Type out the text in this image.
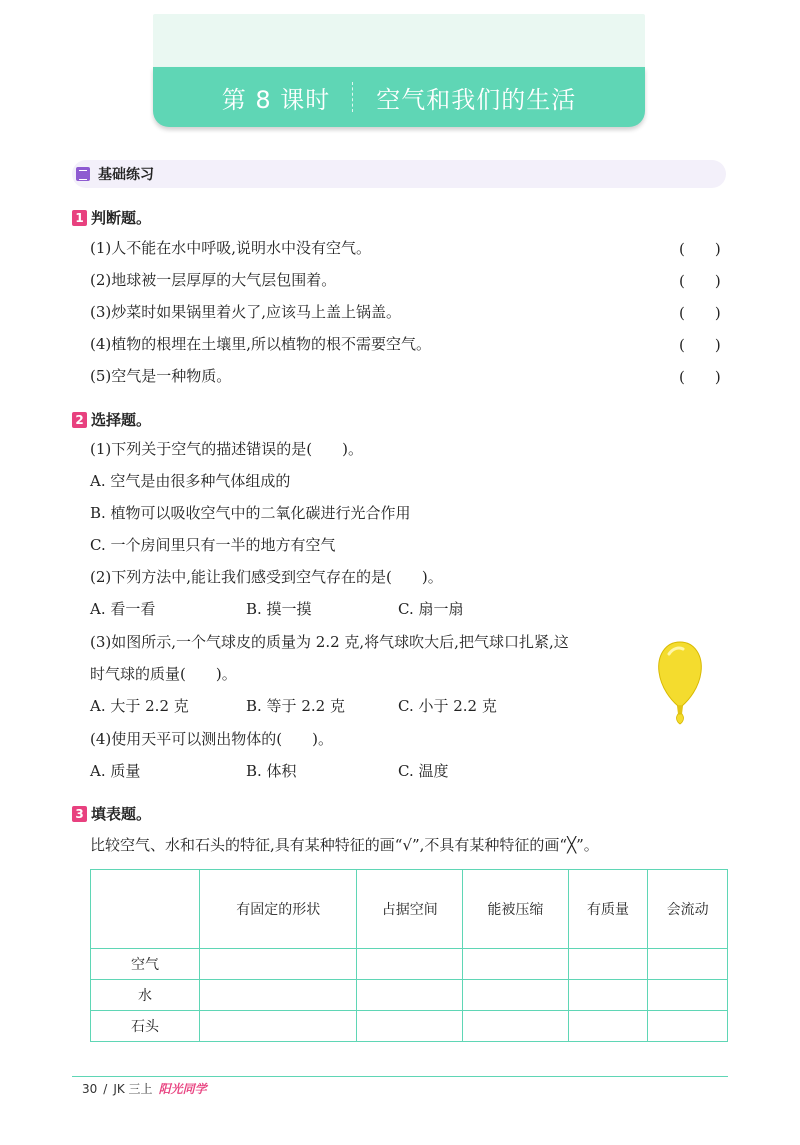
第 8 课时 空气和我们的生活
基础练习
1 判断题。
(1)人不能在水中呼吸,说明水中没有空气。	(　　)
(2)地球被一层厚厚的大气层包围着。	(　　)
(3)炒菜时如果锅里着火了,应该马上盖上锅盖。	(　　)
(4)植物的根埋在土壤里,所以植物的根不需要空气。	(　　)
(5)空气是一种物质。	(　　)
2 选择题。
(1)下列关于空气的描述错误的是(　　)。
A. 空气是由很多种气体组成的
B. 植物可以吸收空气中的二氧化碳进行光合作用
C. 一个房间里只有一半的地方有空气
(2)下列方法中,能让我们感受到空气存在的是(　　)。
A. 看一看	B. 摸一摸	C. 扇一扇
(3)如图所示,一个气球皮的质量为 2.2 克,将气球吹大后,把气球口扎紧,这
时气球的质量(　　)。
A. 大于 2.2 克	B. 等于 2.2 克	C. 小于 2.2 克
(4)使用天平可以测出物体的(　　)。
A. 质量	B. 体积	C. 温度
3 填表题。
比较空气、水和石头的特征,具有某种特征的画“√”,不具有某种特征的画“╳”。
	有固定的形状	占据空间	能被压缩	有质量	会流动
空气					
水					
石头					
30 / JK 三上 阳光同学
